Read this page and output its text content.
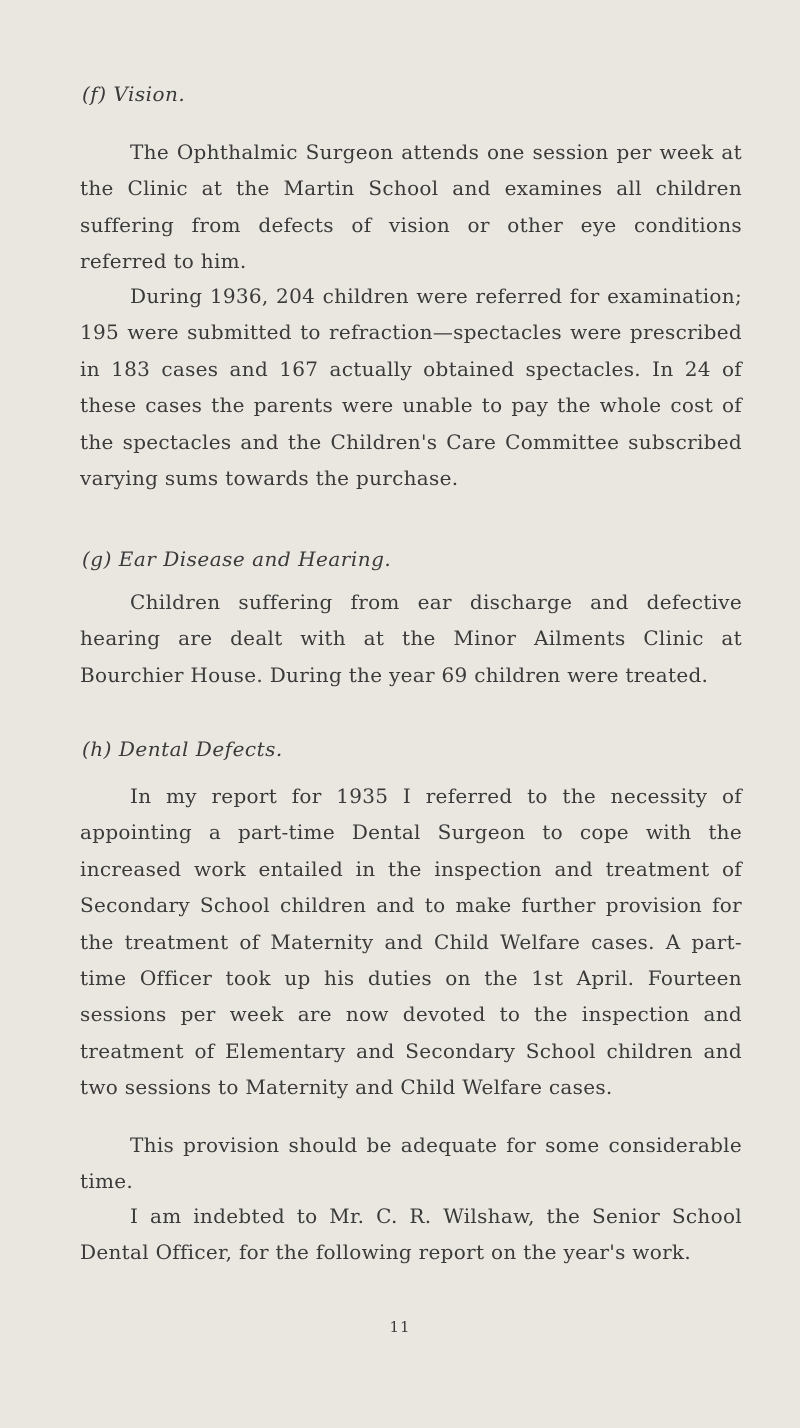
(f) Vision.

The Ophthalmic Surgeon attends one session per week at the Clinic at the Martin School and examines all children suffering from defects of vision or other eye conditions referred to him.

During 1936, 204 children were referred for examination; 195 were submitted to refraction—spectacles were prescribed in 183 cases and 167 actually obtained spectacles. In 24 of these cases the parents were unable to pay the whole cost of the spectacles and the Children's Care Committee subscribed varying sums towards the purchase.

(g) Ear Disease and Hearing.

Children suffering from ear discharge and defective hearing are dealt with at the Minor Ailments Clinic at Bourchier House. During the year 69 children were treated.

(h) Dental Defects.

In my report for 1935 I referred to the necessity of appointing a part-time Dental Surgeon to cope with the increased work entailed in the inspection and treatment of Secondary School children and to make further provision for the treatment of Maternity and Child Welfare cases. A part-time Officer took up his duties on the 1st April. Fourteen sessions per week are now devoted to the inspection and treatment of Elementary and Secondary School children and two sessions to Maternity and Child Welfare cases.

This provision should be adequate for some considerable time.

I am indebted to Mr. C. R. Wilshaw, the Senior School Dental Officer, for the following report on the year's work.

11
